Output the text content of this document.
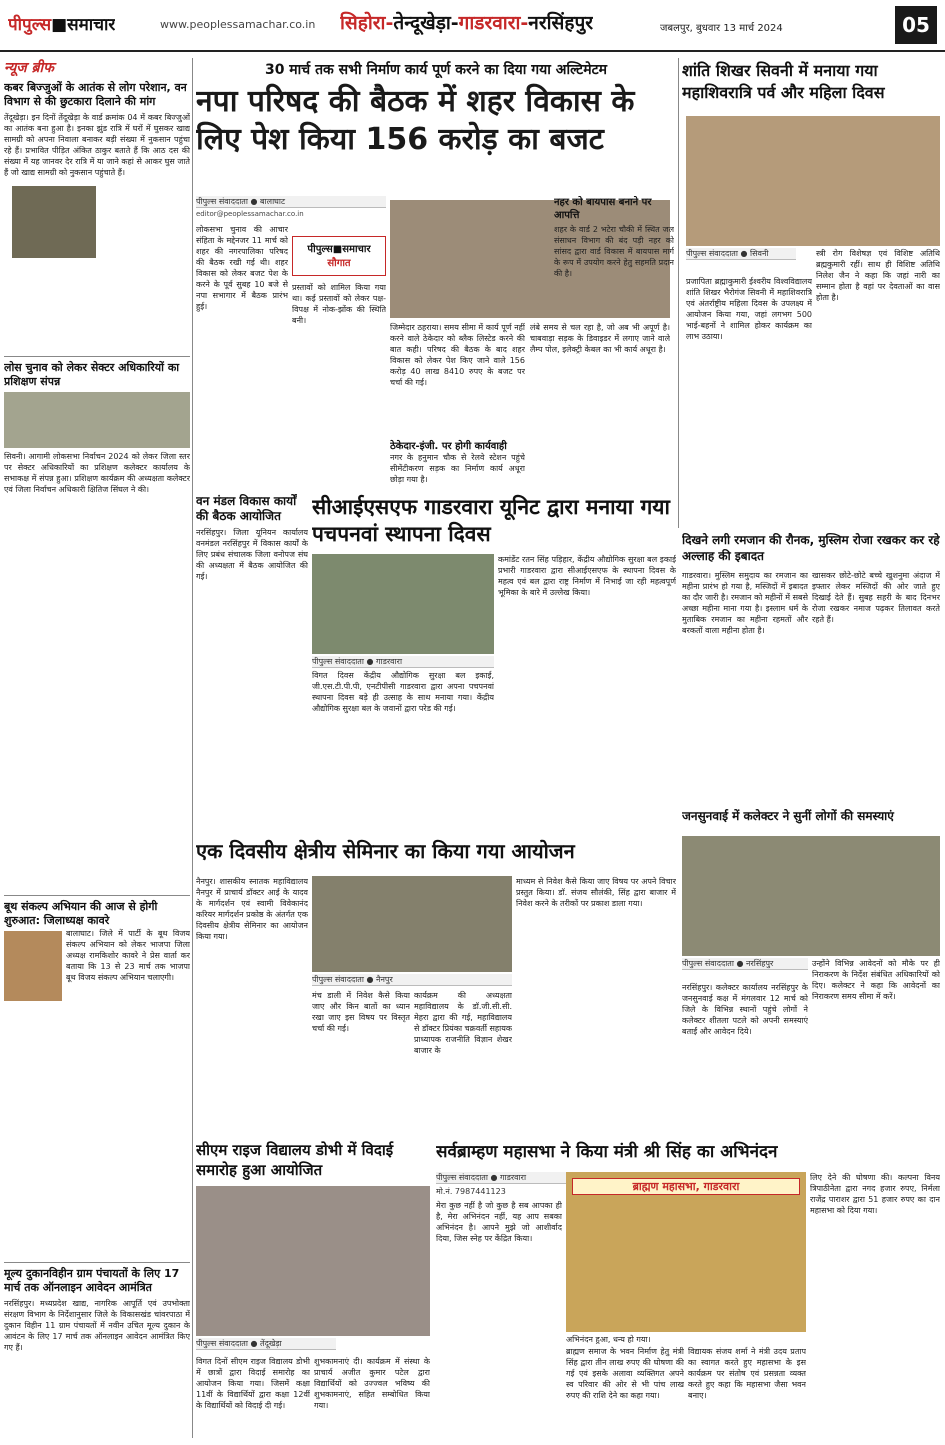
पीपुल्स■समाचार	www.peoplessamachar.co.in सिहोरा-तेन्दूखेड़ा-गाडरवारा-नरसिंहपुर	जबलपुर, बुधवार 13 मार्च 2024	05
न्यूज ब्रीफ
कबर बिज्जुओं के आतंक से लोग परेशान, वन विभाग से की छुटकारा दिलाने की मांग
तेंदूखेड़ा। इन दिनों तेंदूखेड़ा के वार्ड क्रमांक 04 में कबर बिज्जुओं का आतंक बना हुआ है। इनका झुंड रात्रि में घरों में घुसकर खाद्य सामग्री को अपना निवाला बनाकर बड़ी संख्या में नुकसान पहुंचा रहे हैं। प्रभावित पीड़ित अंकित ठाकुर बताते हैं कि आठ दस की संख्या में यह जानवर देर रात्रि में या जाने कहां से आकर घुस जाते हैं जो खाद्य सामग्री को नुकसान पहुंचाते हैं।
लोस चुनाव को लेकर सेक्टर अधिकारियों का प्रशिक्षण संपन्न
सिवनी। आगामी लोकसभा निर्वाचन 2024 को लेकर जिला स्तर पर सेक्टर अधिकारियों का प्रशिक्षण कलेक्टर कार्यालय के सभाकक्ष में संपन्न हुआ। प्रशिक्षण कार्यक्रम की अध्यक्षता कलेक्टर एवं जिला निर्वाचन अधिकारी क्षितिज सिंघल ने की।
बूथ संकल्प अभियान की आज से होगी शुरुआत: जिलाध्यक्ष कावरे
बालाघाट। जिले में पार्टी के बूथ विजय संकल्प अभियान को लेकर भाजपा जिला अध्यक्ष रामकिशोर कावरे ने प्रेस वार्ता कर बताया कि 13 से 23 मार्च तक भाजपा बूथ विजय संकल्प अभियान चलाएगी।
मूल्य दुकानविहीन ग्राम पंचायतों के लिए 17 मार्च तक ऑनलाइन आवेदन आमंत्रित
नरसिंहपुर। मध्यप्रदेश खाद्य, नागरिक आपूर्ति एवं उपभोक्ता संरक्षण विभाग के निर्देशानुसार जिले के विकासखंड चांवरपाठा में दुकान विहीन 11 ग्राम पंचायतों में नवीन उचित मूल्य दुकान के आवंटन के लिए 17 मार्च तक ऑनलाइन आवेदन आमंत्रित किए गए हैं।
30 मार्च तक सभी निर्माण कार्य पूर्ण करने का दिया गया अल्टिमेटम
नपा परिषद की बैठक में शहर विकास के लिए पेश किया 156 करोड़ का बजट
पीपुल्स संवाददाता ● बालाघाट
editor@peoplessamachar.co.in
लोकसभा चुनाव की आचार संहिता के मद्देनजर 11 मार्च को शहर की नगरपालिका परिषद की बैठक रखी गई थी। शहर विकास को लेकर बजट पेश के करने के पूर्व सुबह 10 बजे से नपा सभागार में बैठक प्रारंभ हुई।
पीपुल्स■समाचार
सौगात
जिम्मेदार ठहराया। समय सीमा में कार्य पूर्ण नहीं करने वाले ठेकेदार को ब्लैक लिस्टेड करने की बात कही। परिषद की बैठक के बाद शहर विकास को लेकर पेश किए जाने वाले 156 करोड़ 40 लाख 8410 रुपए के बजट पर चर्चा की गई।
प्रस्तावों को शामिल किया गया था। कई प्रस्तावों को लेकर पक्ष-विपक्ष में नोक-झोंक की स्थिति बनी।
ठेकेदार-इंजी. पर होगी कार्यवाही
नगर के हनुमान चौक से रेलवे स्टेशन पहुंचे सीमेंटीकरण सड़क का निर्माण कार्य अधूरा छोड़ा गया है।
लंबे समय से चल रहा है, जो अब भी अपूर्ण है। चाबवाड़ा सड़क के डिवाइडर में लगाए जाने वाले लैम्प पोल, इलेक्ट्री केबल का भी कार्य अधूरा है।
नहर को बायपास बनाने पर आपत्ति
शहर के वार्ड 2 भटेरा चौकी में स्थित जल संसाधन विभाग की बंद पड़ी नहर को सांसद द्वारा वार्ड विकास में बायपास मार्ग के रूप में उपयोग करने हेतु सहमति प्रदान की है।
वन मंडल विकास कार्यों की बैठक आयोजित
नरसिंहपुर। जिला यूनियन कार्यालय वनमंडल नरसिंहपुर में विकास कार्यों के लिए प्रबंध संचालक जिला वनोपज संघ की अध्यक्षता में बैठक आयोजित की गई।
सीआईएसएफ गाडरवारा यूनिट द्वारा मनाया गया पचपनवां स्थापना दिवस
पीपुल्स संवाददाता ● गाडरवारा
विगत दिवस केंद्रीय औद्योगिक सुरक्षा बल इकाई, जी.एस.टी.पी.पी, एनटीपीसी गाडरवारा द्वारा अपना पचपनवां स्थापना दिवस बड़े ही उत्साह के साथ मनाया गया। केंद्रीय औद्योगिक सुरक्षा बल के जवानों द्वारा परेड की गई।
कमांडेंट रतन सिंह पड़िहार, केंद्रीय औद्योगिक सुरक्षा बल इकाई प्रभारी गाडरवारा द्वारा सीआईएसएफ के स्थापना दिवस के महत्व एवं बल द्वारा राष्ट्र निर्माण में निभाई जा रही महत्वपूर्ण भूमिका के बारे में उल्लेख किया।
शांति शिखर सिवनी में मनाया गया महाशिवरात्रि पर्व और महिला दिवस
पीपुल्स संवाददाता ● सिवनी
प्रजापिता ब्रह्माकुमारी ईश्वरीय विश्वविद्यालय शांति शिखर भैरोगंज सिवनी में महाशिवरात्रि एवं अंतर्राष्ट्रीय महिला दिवस के उपलक्ष्य में आयोजन किया गया, जहां लगभग 500 भाई-बहनों ने शामिल होकर कार्यक्रम का लाभ उठाया।
स्त्री रोग विशेषज्ञ एवं विशिष्ट अतिथि ब्रह्मकुमारी रहीं। साथ ही विशिष्ट अतिथि निलेश जैन ने कहा कि जहां नारी का सम्मान होता है वहां पर देवताओं का वास होता है।
दिखने लगी रमजान की रौनक, मुस्लिम रोजा रखकर कर रहे अल्लाह की इबादत
गाडरवारा। मुस्लिम समुदाय का रमजान का महीना प्रारंभ हो गया है, मस्जिदों में इबादत का दौर जारी है। रमजान को महीनों में सबसे अच्छा महीना माना गया है। इस्लाम धर्म के मुताबिक रमजान का महीना रहमतों और बरकतों वाला महीना होता है।
खासकर छोटे-छोटे बच्चे खुशनुमा अंदाज में इफ्तार लेकर मस्जिदों की ओर जाते हुए दिखाई देते हैं। सुबह सहरी के बाद दिनभर रोजा रखकर नमाज पढ़कर तिलावत करते रहते हैं।
एक दिवसीय क्षेत्रीय सेमिनार का किया गया आयोजन
नैनपुर। शासकीय स्नातक महाविद्यालय नैनपुर में प्राचार्य डॉक्टर आई के यादव के मार्गदर्शन एवं स्वामी विवेकानंद करियर मार्गदर्शन प्रकोष्ठ के अंतर्गत एक दिवसीय क्षेत्रीय सेमिनार का आयोजन किया गया।
पीपुल्स संवाददाता ● नैनपुर
मंच डाली में निवेश कैसे किया जाए और किन बातों का ध्यान रखा जाए इस विषय पर विस्तृत चर्चा की गई।
कार्यक्रम की अध्यक्षता महाविद्यालय के डॉ.जी.सी.सी. मेहरा द्वारा की गई, महाविद्यालय से डॉक्टर प्रियंका चक्रवर्ती सहायक प्राध्यापक राजनीति विज्ञान शेखर बाजार के
माध्यम से निवेश कैसे किया जाए विषय पर अपने विचार प्रस्तुत किया। डॉ. संजय सौलंकी, सिंह द्वारा बाजार में निवेश करने के तरीकों पर प्रकाश डाला गया।
जनसुनवाई में कलेक्टर ने सुनीं लोगों की समस्याएं
पीपुल्स संवाददाता ● नरसिंहपुर
नरसिंहपुर। कलेक्टर कार्यालय नरसिंहपुर के जनसुनवाई कक्ष में मंगलवार 12 मार्च को जिले के विभिन्न स्थानों पहुंचे लोगों ने कलेक्टर शीतला पटले को अपनी समस्याएं बताईं और आवेदन दिये।
उन्होंने विभिन्न आवेदनों को मौके पर ही निराकरण के निर्देश संबंधित अधिकारियों को दिए। कलेक्टर ने कहा कि आवेदनों का निराकरण समय सीमा में करें।
सीएम राइज विद्यालय डोभी में विदाई समारोह हुआ आयोजित
पीपुल्स संवाददाता ● तेंदूखेड़ा
विगत दिनों सीएम राइज विद्यालय डोभी में छात्रों द्वारा विदाई समारोह का आयोजन किया गया। जिसमें कक्षा 11वीं के विद्यार्थियों द्वारा कक्षा 12वीं के विद्यार्थियों को विदाई दी गई।
शुभकामनाएं दी। कार्यक्रम में संस्था के प्राचार्य अजीत कुमार पटेल द्वारा विद्यार्थियों को उज्ज्वल भविष्य की शुभकामनाएं, सहित सम्बोधित किया गया।
सर्वब्राम्हण महासभा ने किया मंत्री श्री सिंह का अभिनंदन
पीपुल्स संवाददाता ● गाडरवारा
मो.नं. 7987441123
मेरा कुछ नहीं है जो कुछ है सब आपका ही है, मेरा अभिनंदन नहीं, यह आप सबका अभिनंदन है। आपने मुझे जो आशीर्वाद दिया, जिस स्नेह पर केंद्रित किया।
ब्राह्मण महासभा, गाडरवारा
अभिनंदन हुआ, धन्य हो गया।
ब्राह्मण समाज के भवन निर्माण हेतु मंत्री सिंह द्वारा तीन लाख रुपए की घोषणा की गई एवं इसके अलावा व्यक्तिगत अपने स्व परिवार की ओर से भी पांच लाख रुपए की राशि देने का कहा गया।
विद्यायक संजय शर्मा ने मंत्री उदय प्रताप का स्वागत करते हुए महासभा के इस कार्यक्रम पर संतोष एवं प्रसन्नता व्यक्त करते हुए कहा कि महासभा जैसा भवन बनाए।
लिए देने की घोषणा की। कल्पना विनय त्रिपाठीनेता द्वारा नगद हजार रुपए, निर्मला राजेंद्र पाराशर द्वारा 51 हजार रुपए का दान महासभा को दिया गया।
